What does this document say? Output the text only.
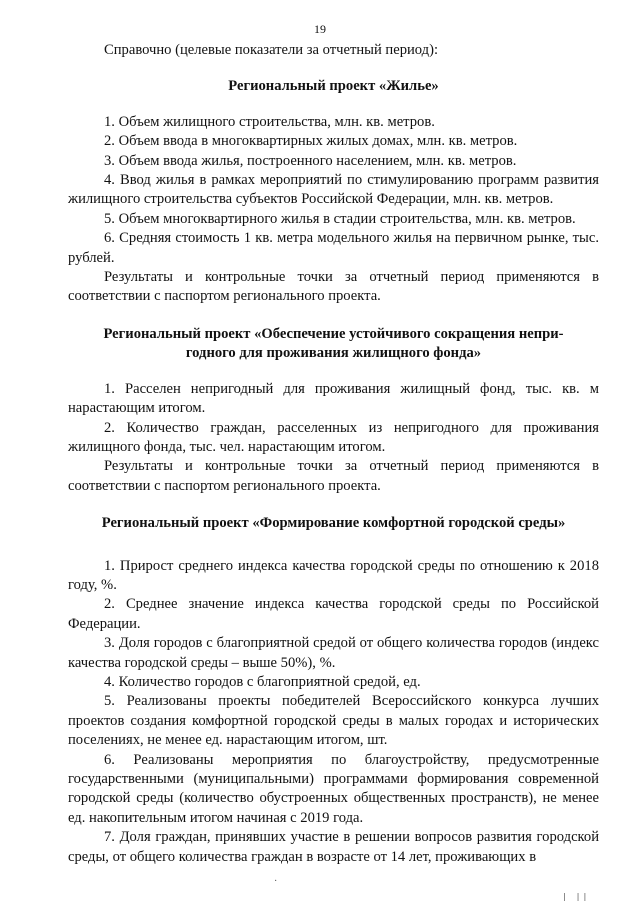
19

Справочно (целевые показатели за отчетный период):

Региональный проект «Жилье»

1. Объем жилищного строительства, млн. кв. метров.

2. Объем ввода в многоквартирных жилых домах, млн. кв. метров.

3. Объем ввода жилья, построенного населением, млн. кв. метров.

4. Ввод жилья в рамках мероприятий по стимулированию программ развития жилищного строительства субъектов Российской Федерации, млн. кв. метров.

5. Объем многоквартирного жилья в стадии строительства, млн. кв. метров.

6. Средняя стоимость 1 кв. метра модельного жилья на первичном рынке, тыс. рублей.

Результаты и контрольные точки за отчетный период применяются в соответствии с паспортом регионального проекта.

Региональный проект «Обеспечение устойчивого сокращения непри-
годного для проживания жилищного фонда»

1. Расселен непригодный для проживания жилищный фонд, тыс. кв. м нарастающим итогом.

2. Количество граждан, расселенных из непригодного для проживания жилищного фонда, тыс. чел. нарастающим итогом.

Результаты и контрольные точки за отчетный период применяются в соответствии с паспортом регионального проекта.

Региональный проект «Формирование комфортной городской среды»

1. Прирост среднего индекса качества городской среды по отношению к 2018 году, %.

2. Среднее значение индекса качества городской среды по Российской Федерации.

3. Доля городов с благоприятной средой от общего количества городов (индекс качества городской среды – выше 50%), %.

4. Количество городов с благоприятной средой, ед.

5. Реализованы проекты победителей Всероссийского конкурса лучших проектов создания комфортной городской среды в малых городах и исторических поселениях, не менее ед. нарастающим итогом, шт.

6. Реализованы мероприятия по благоустройству, предусмотренные государственными (муниципальными) программами формирования современной городской среды (количество обустроенных общественных пространств), не менее ед. накопительным итогом начиная с 2019 года.

7. Доля граждан, принявших участие в решении вопросов развития городской среды, от общего количества граждан в возрасте от 14 лет, проживающих в

·
| ||
